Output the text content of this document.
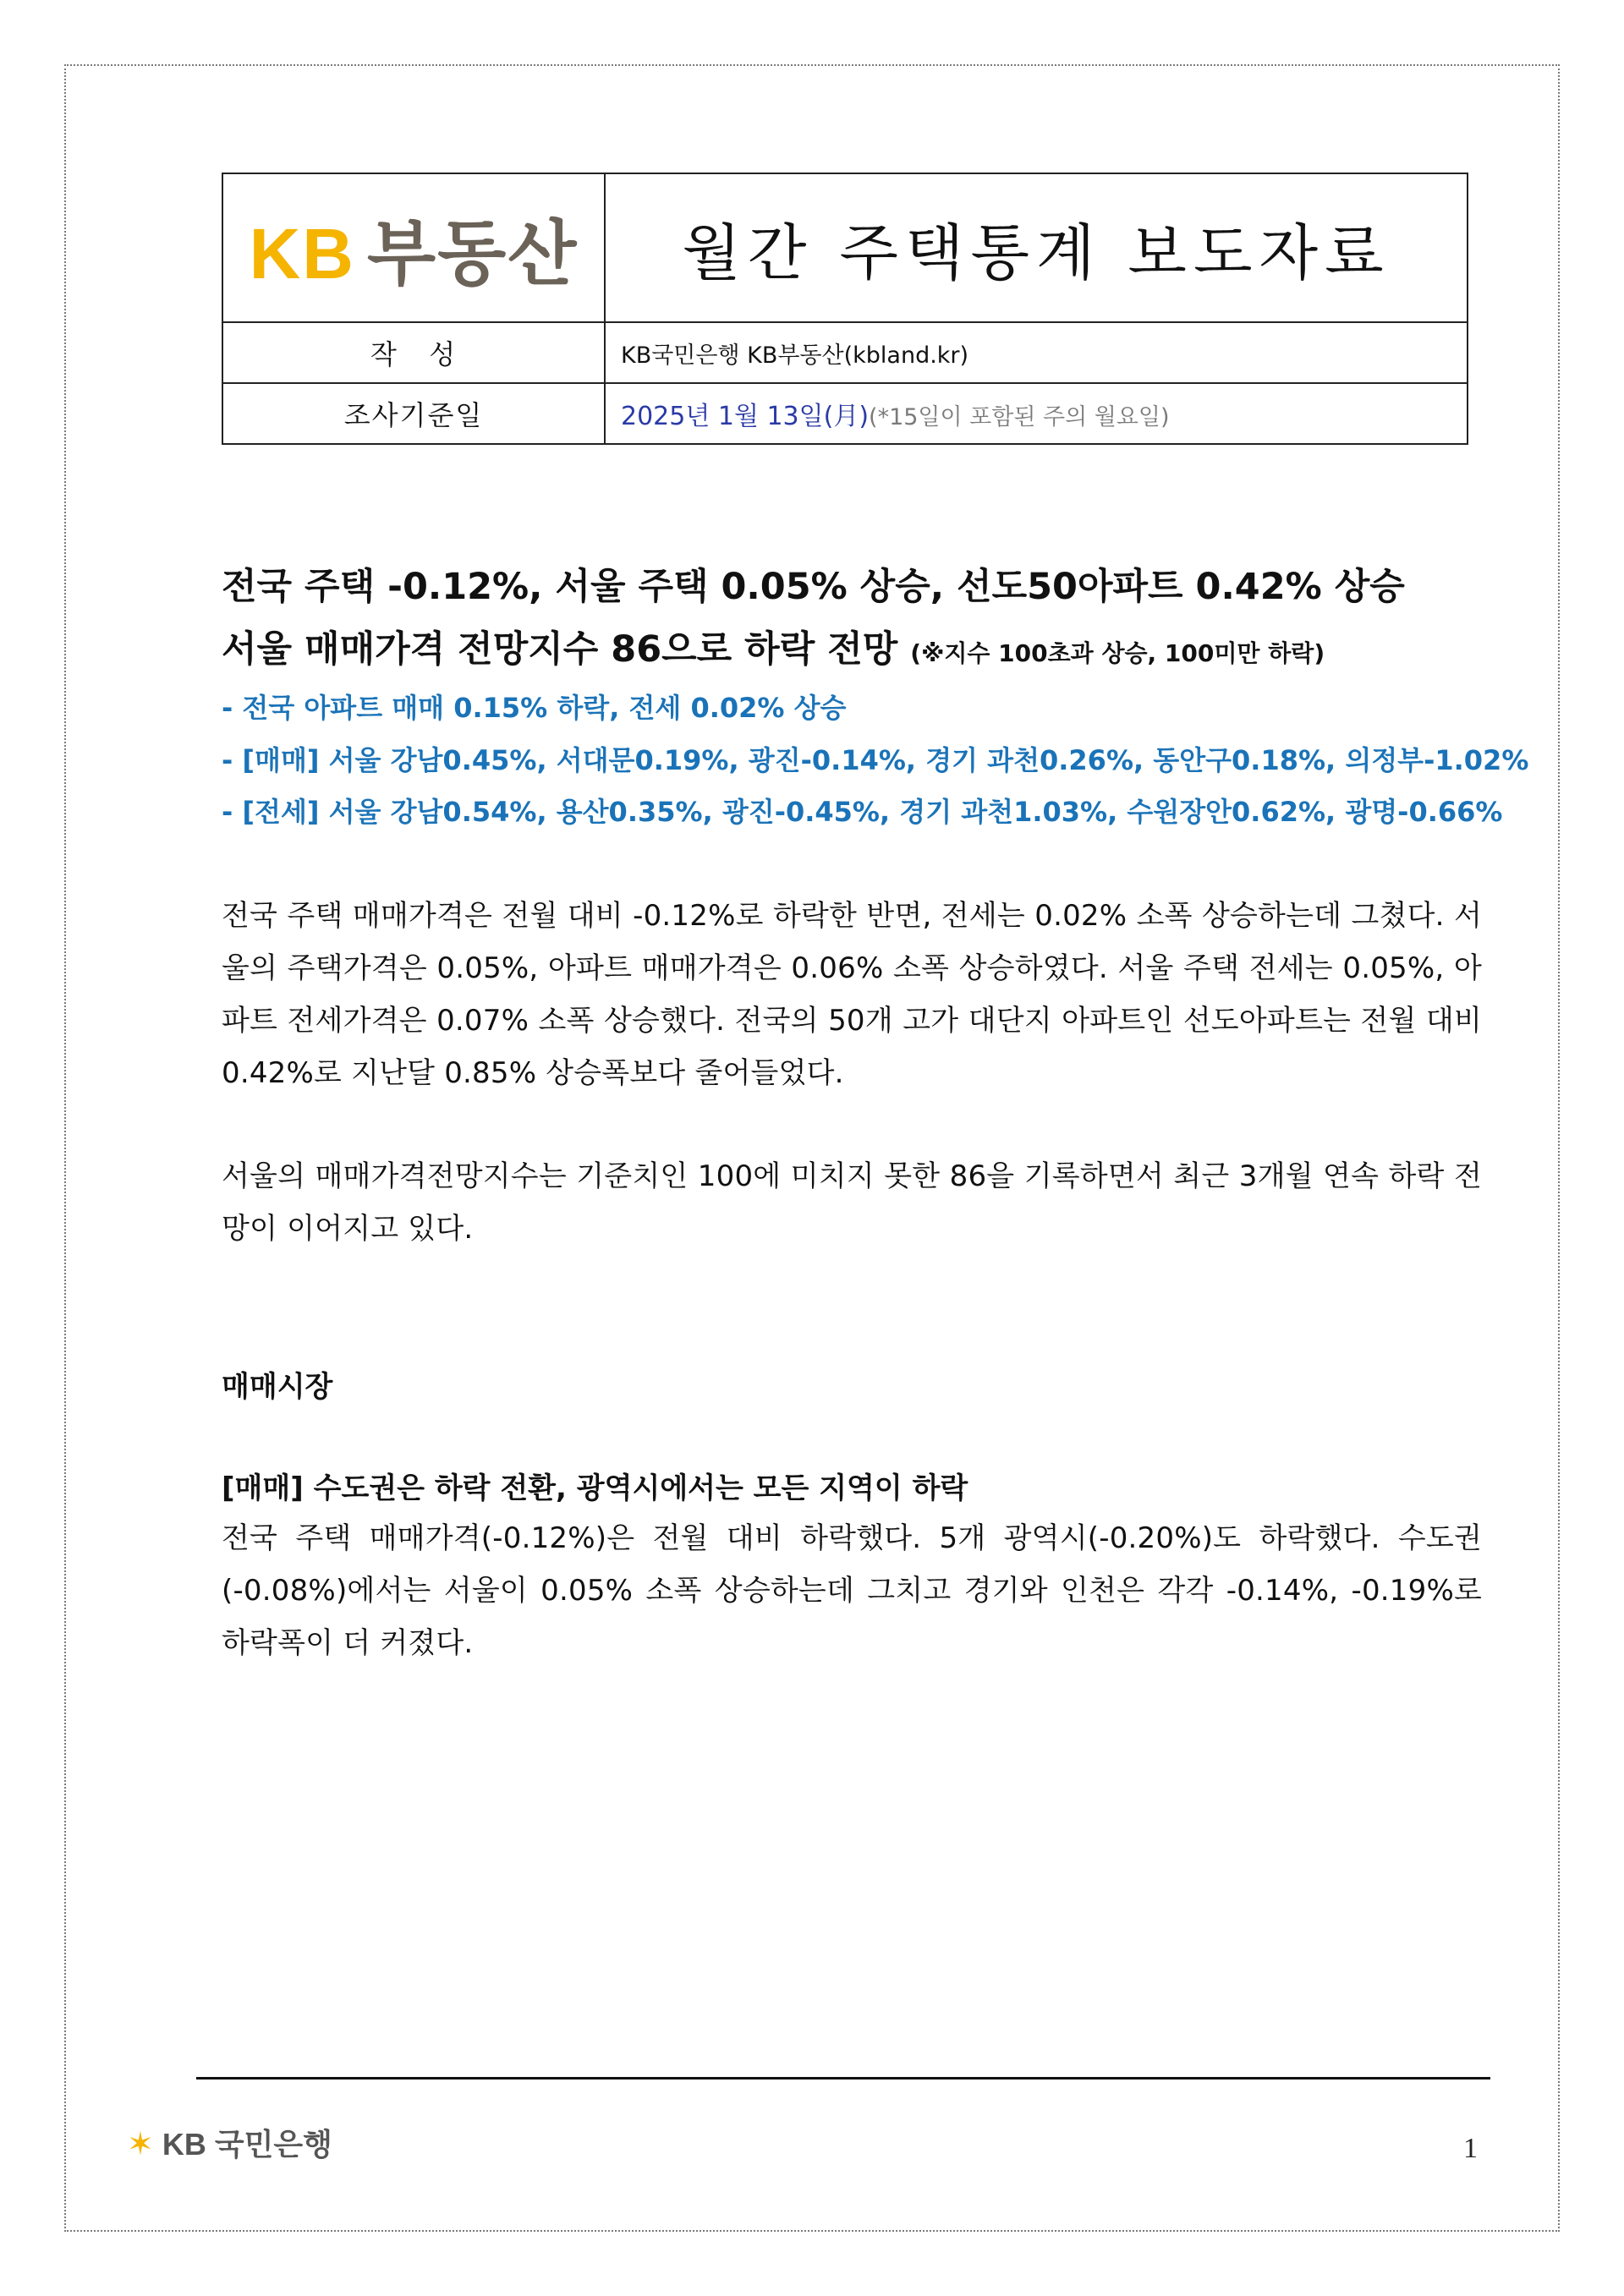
KB 부동산	월간 주택통계 보도자료
작   성	KB국민은행 KB부동산(kbland.kr)
조사기준일	2025년 1월 13일(月)(*15일이 포함된 주의 월요일)
전국 주택 -0.12%, 서울 주택 0.05% 상승, 선도50아파트 0.42% 상승
서울 매매가격 전망지수 86으로 하락 전망 (※지수 100초과 상승, 100미만 하락)
- 전국 아파트 매매 0.15% 하락, 전세 0.02% 상승
- [매매] 서울 강남0.45%, 서대문0.19%, 광진-0.14%, 경기 과천0.26%, 동안구0.18%, 의정부-1.02%
- [전세] 서울 강남0.54%, 용산0.35%, 광진-0.45%, 경기 과천1.03%, 수원장안0.62%, 광명-0.66%
전국 주택 매매가격은 전월 대비 -0.12%로 하락한 반면, 전세는 0.02% 소폭 상승하는데 그쳤다. 서울의 주택가격은 0.05%, 아파트 매매가격은 0.06% 소폭 상승하였다. 서울 주택 전세는 0.05%, 아파트 전세가격은 0.07% 소폭 상승했다. 전국의 50개 고가 대단지 아파트인 선도아파트는 전월 대비 0.42%로 지난달 0.85% 상승폭보다 줄어들었다.
서울의 매매가격전망지수는 기준치인 100에 미치지 못한 86을 기록하면서 최근 3개월 연속 하락 전망이 이어지고 있다.
매매시장
[매매] 수도권은 하락 전환, 광역시에서는 모든 지역이 하락
전국 주택 매매가격(-0.12%)은 전월 대비 하락했다. 5개 광역시(-0.20%)도 하락했다. 수도권(-0.08%)에서는 서울이 0.05% 소폭 상승하는데 그치고 경기와 인천은 각각 -0.14%, -0.19%로 하락폭이 더 커졌다.
✶ KB 국민은행	1
